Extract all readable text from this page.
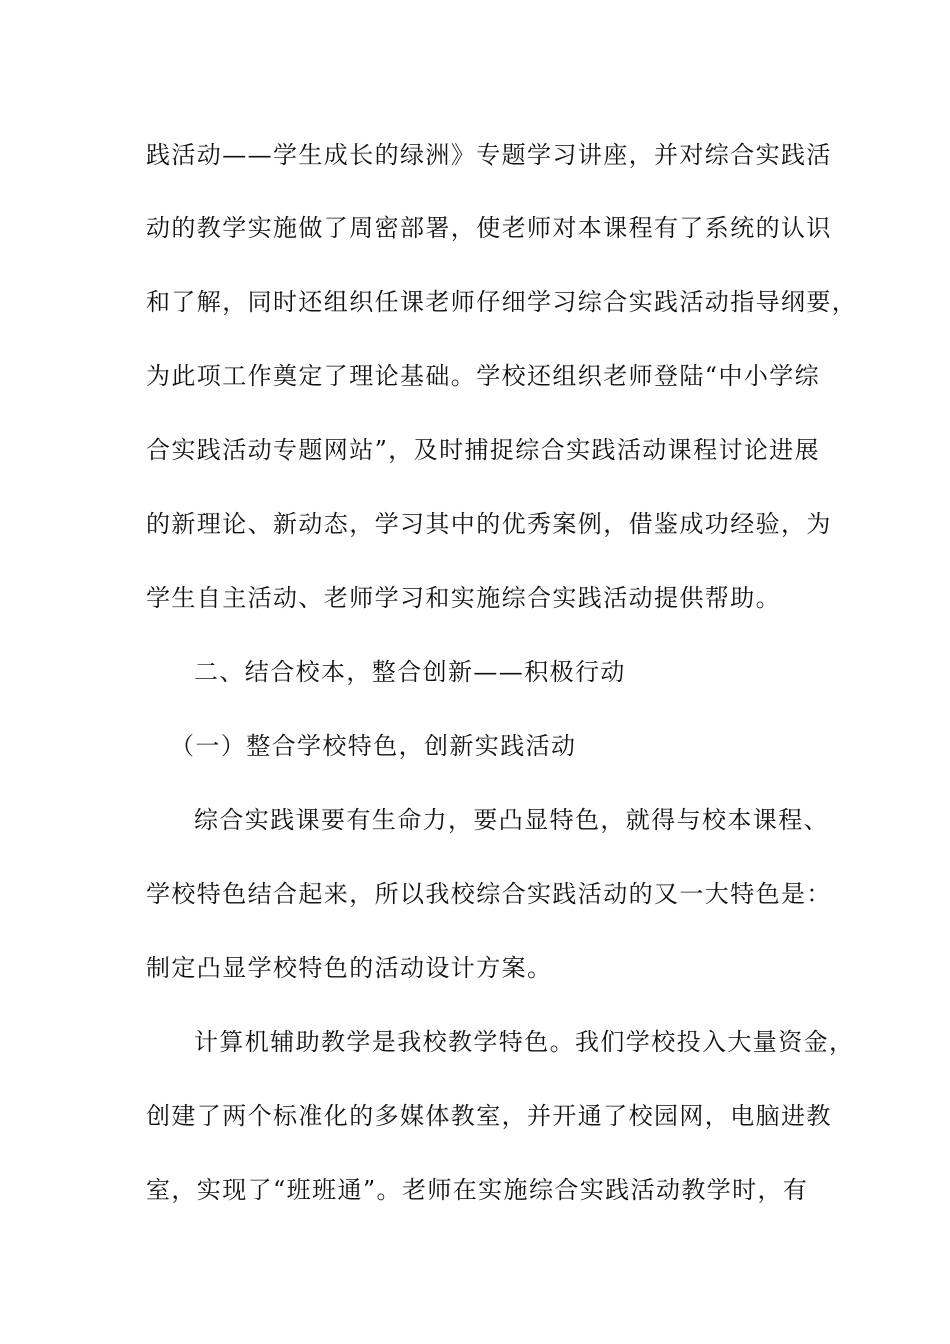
践活动——学生成长的绿洲》专题学习讲座，并对综合实践活
动的教学实施做了周密部署，使老师对本课程有了系统的认识
和了解，同时还组织任课老师仔细学习综合实践活动指导纲要，
为此项工作奠定了理论基础。学校还组织老师登陆“中小学综
合实践活动专题网站”，及时捕捉综合实践活动课程讨论进展
的新理论、新动态，学习其中的优秀案例，借鉴成功经验，为
学生自主活动、老师学习和实施综合实践活动提供帮助。
二、结合校本，整合创新——积极行动
（一）整合学校特色，创新实践活动
综合实践课要有生命力，要凸显特色，就得与校本课程、
学校特色结合起来，所以我校综合实践活动的又一大特色是：
制定凸显学校特色的活动设计方案。
计算机辅助教学是我校教学特色。我们学校投入大量资金，
创建了两个标准化的多媒体教室，并开通了校园网，电脑进教
室，实现了“班班通”。老师在实施综合实践活动教学时，有
